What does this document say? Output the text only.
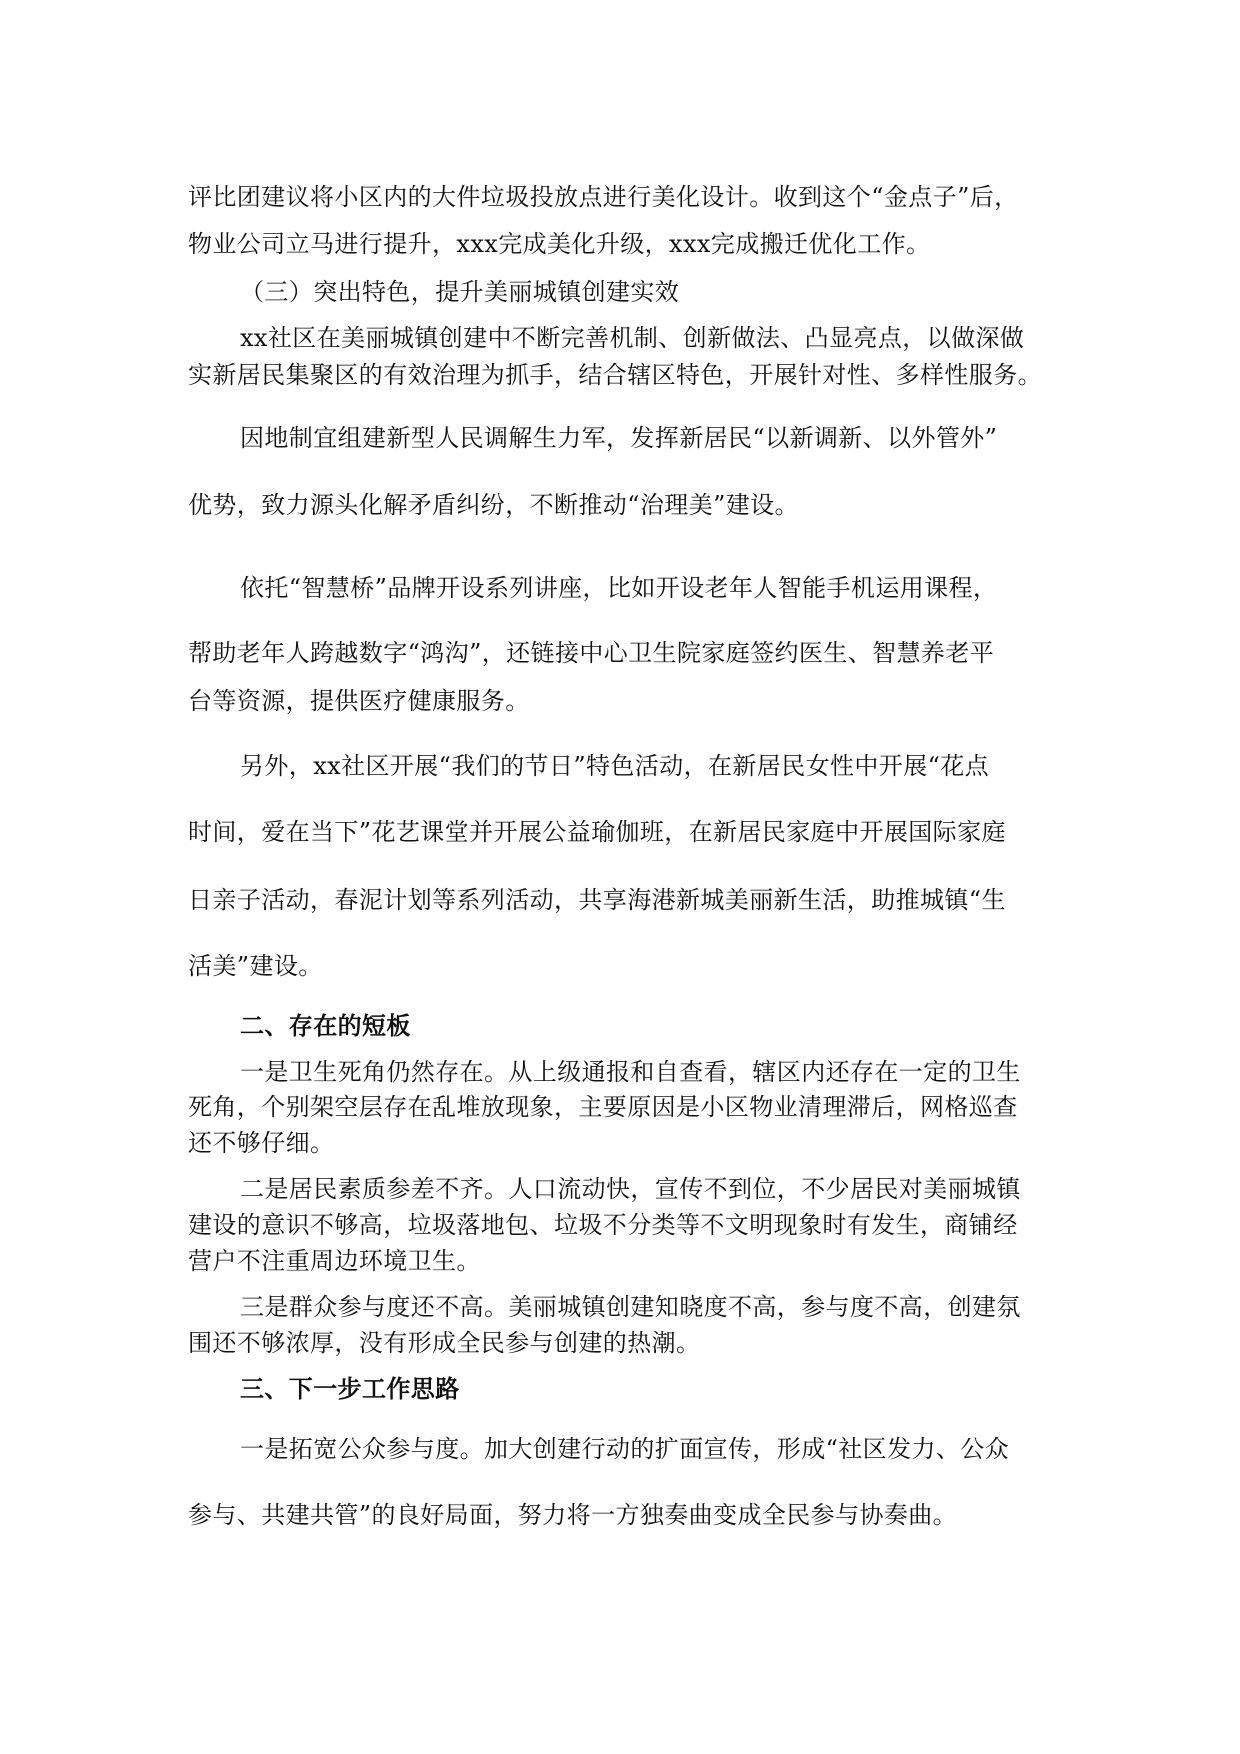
评比团建议将小区内的大件垃圾投放点进行美化设计。收到这个“金点子”后，
物业公司立马进行提升，xxx完成美化升级，xxx完成搬迁优化工作。
（三）突出特色，提升美丽城镇创建实效
xx社区在美丽城镇创建中不断完善机制、创新做法、凸显亮点，以做深做
实新居民集聚区的有效治理为抓手，结合辖区特色，开展针对性、多样性服务。
因地制宜组建新型人民调解生力军，发挥新居民“以新调新、以外管外”
优势，致力源头化解矛盾纠纷，不断推动“治理美”建设。
依托“智慧桥”品牌开设系列讲座，比如开设老年人智能手机运用课程，
帮助老年人跨越数字“鸿沟”，还链接中心卫生院家庭签约医生、智慧养老平
台等资源，提供医疗健康服务。
另外，xx社区开展“我们的节日”特色活动，在新居民女性中开展“花点
时间，爱在当下”花艺课堂并开展公益瑜伽班，在新居民家庭中开展国际家庭
日亲子活动，春泥计划等系列活动，共享海港新城美丽新生活，助推城镇“生
活美”建设。
二、存在的短板
一是卫生死角仍然存在。从上级通报和自查看，辖区内还存在一定的卫生
死角，个别架空层存在乱堆放现象，主要原因是小区物业清理滞后，网格巡查
还不够仔细。
二是居民素质参差不齐。人口流动快，宣传不到位，不少居民对美丽城镇
建设的意识不够高，垃圾落地包、垃圾不分类等不文明现象时有发生，商铺经
营户不注重周边环境卫生。
三是群众参与度还不高。美丽城镇创建知晓度不高，参与度不高，创建氛
围还不够浓厚，没有形成全民参与创建的热潮。
三、下一步工作思路
一是拓宽公众参与度。加大创建行动的扩面宣传，形成“社区发力、公众
参与、共建共管”的良好局面，努力将一方独奏曲变成全民参与协奏曲。
